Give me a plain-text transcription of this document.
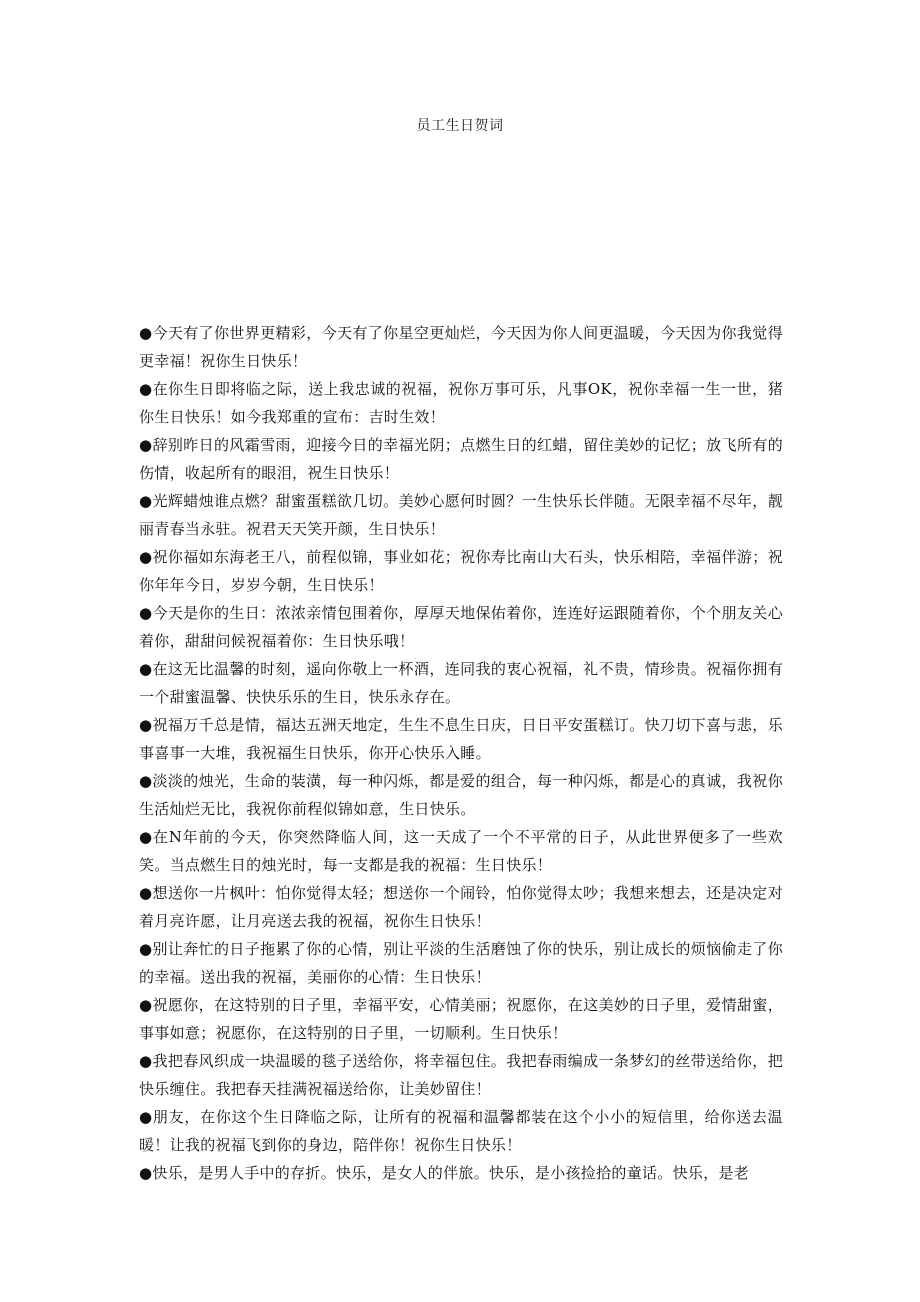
员工生日贺词
●今天有了你世界更精彩，今天有了你星空更灿烂，今天因为你人间更温暖，今天因为你我觉得更幸福！祝你生日快乐！
●在你生日即将临之际，送上我忠诚的祝福，祝你万事可乐，凡事OK，祝你幸福一生一世，猪你生日快乐！如今我郑重的宣布：吉时生效！
●辞别昨日的风霜雪雨，迎接今日的幸福光阴；点燃生日的红蜡，留住美妙的记忆；放飞所有的伤情，收起所有的眼泪，祝生日快乐！
●光辉蜡烛谁点燃？甜蜜蛋糕欲几切。美妙心愿何时圆？一生快乐长伴随。无限幸福不尽年，靓丽青春当永驻。祝君天天笑开颜，生日快乐！
●祝你福如东海老王八，前程似锦，事业如花；祝你寿比南山大石头，快乐相陪，幸福伴游；祝你年年今日，岁岁今朝，生日快乐！
●今天是你的生日：浓浓亲情包围着你，厚厚天地保佑着你，连连好运跟随着你，个个朋友关心着你，甜甜问候祝福着你：生日快乐哦！
●在这无比温馨的时刻，遥向你敬上一杯酒，连同我的衷心祝福，礼不贵，情珍贵。祝福你拥有一个甜蜜温馨、快快乐乐的生日，快乐永存在。
●祝福万千总是情，福达五洲天地定，生生不息生日庆，日日平安蛋糕订。快刀切下喜与悲，乐事喜事一大堆，我祝福生日快乐，你开心快乐入睡。
●淡淡的烛光，生命的装潢，每一种闪烁，都是爱的组合，每一种闪烁，都是心的真诚，我祝你生活灿烂无比，我祝你前程似锦如意，生日快乐。
●在N年前的今天，你突然降临人间，这一天成了一个不平常的日子，从此世界便多了一些欢笑。当点燃生日的烛光时，每一支都是我的祝福：生日快乐！
●想送你一片枫叶：怕你觉得太轻；想送你一个闹铃，怕你觉得太吵；我想来想去，还是决定对着月亮许愿，让月亮送去我的祝福，祝你生日快乐！
●别让奔忙的日子拖累了你的心情，别让平淡的生活磨蚀了你的快乐，别让成长的烦恼偷走了你的幸福。送出我的祝福，美丽你的心情：生日快乐！
●祝愿你，在这特别的日子里，幸福平安，心情美丽；祝愿你，在这美妙的日子里，爱情甜蜜，事事如意；祝愿你，在这特别的日子里，一切顺利。生日快乐！
●我把春风织成一块温暖的毯子送给你，将幸福包住。我把春雨编成一条梦幻的丝带送给你，把快乐缠住。我把春天挂满祝福送给你，让美妙留住！
●朋友，在你这个生日降临之际，让所有的祝福和温馨都装在这个小小的短信里，给你送去温暖！让我的祝福飞到你的身边，陪伴你！祝你生日快乐！
●快乐，是男人手中的存折。快乐，是女人的伴旅。快乐，是小孩捡拾的童话。快乐，是老
